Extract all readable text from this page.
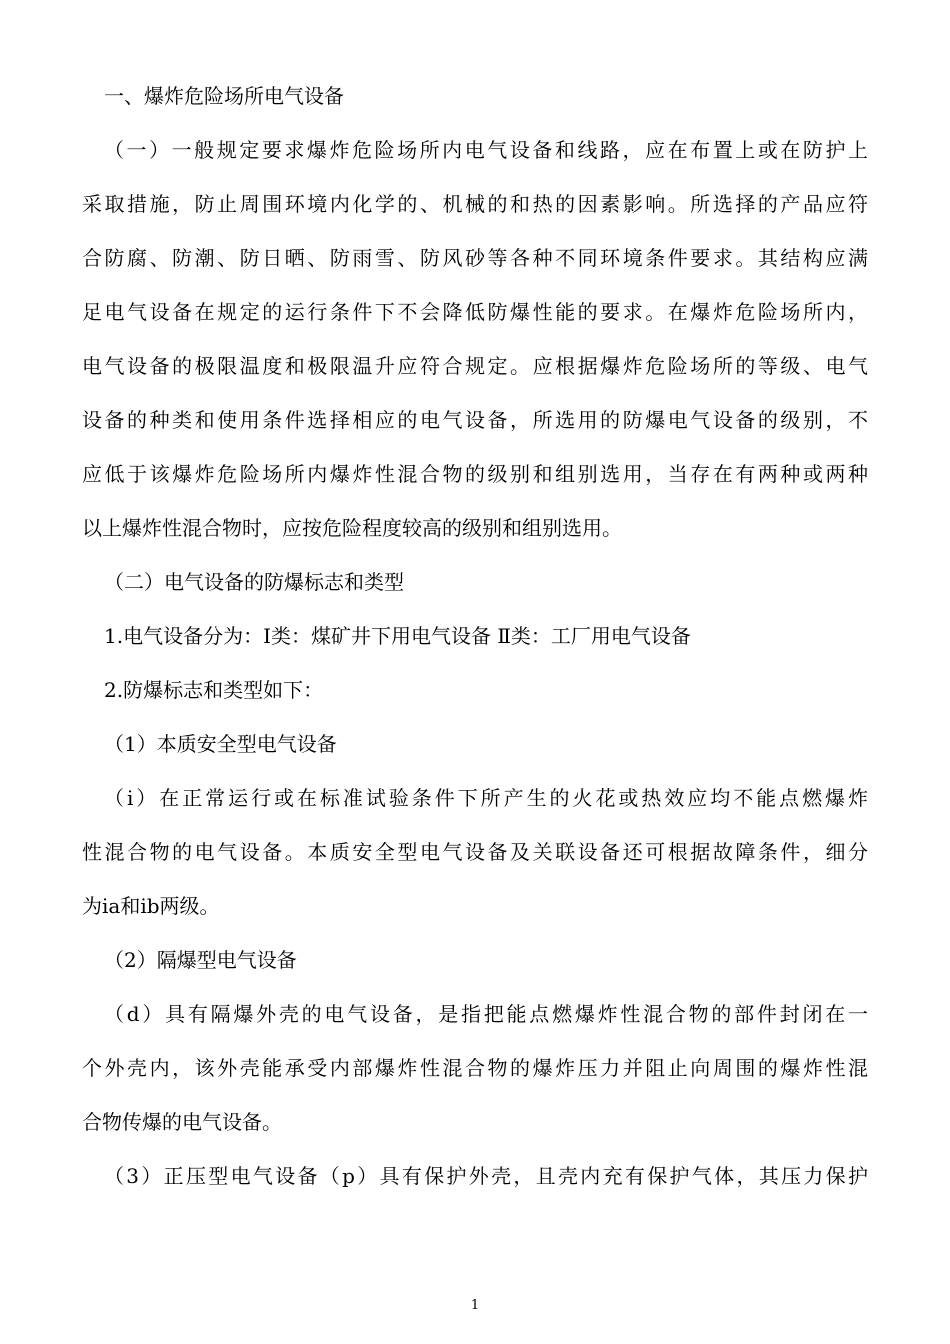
一、爆炸危险场所电气设备
（一）一般规定要求爆炸危险场所内电气设备和线路，应在布置上或在防护上
采取措施，防止周围环境内化学的、机械的和热的因素影响。所选择的产品应符
合防腐、防潮、防日晒、防雨雪、防风砂等各种不同环境条件要求。其结构应满
足电气设备在规定的运行条件下不会降低防爆性能的要求。在爆炸危险场所内，
电气设备的极限温度和极限温升应符合规定。应根据爆炸危险场所的等级、电气
设备的种类和使用条件选择相应的电气设备，所选用的防爆电气设备的级别，不
应低于该爆炸危险场所内爆炸性混合物的级别和组别选用，当存在有两种或两种
以上爆炸性混合物时，应按危险程度较高的级别和组别选用。
（二）电气设备的防爆标志和类型
1.电气设备分为：Ⅰ类：煤矿井下用电气设备 Ⅱ类：工厂用电气设备
2.防爆标志和类型如下：
（1）本质安全型电气设备
（i）在正常运行或在标准试验条件下所产生的火花或热效应均不能点燃爆炸
性混合物的电气设备。本质安全型电气设备及关联设备还可根据故障条件，细分
为ia和ib两级。
（2）隔爆型电气设备
（d）具有隔爆外壳的电气设备，是指把能点燃爆炸性混合物的部件封闭在一
个外壳内，该外壳能承受内部爆炸性混合物的爆炸压力并阻止向周围的爆炸性混
合物传爆的电气设备。
（3）正压型电气设备（p）具有保护外壳，且壳内充有保护气体，其压力保护
1
